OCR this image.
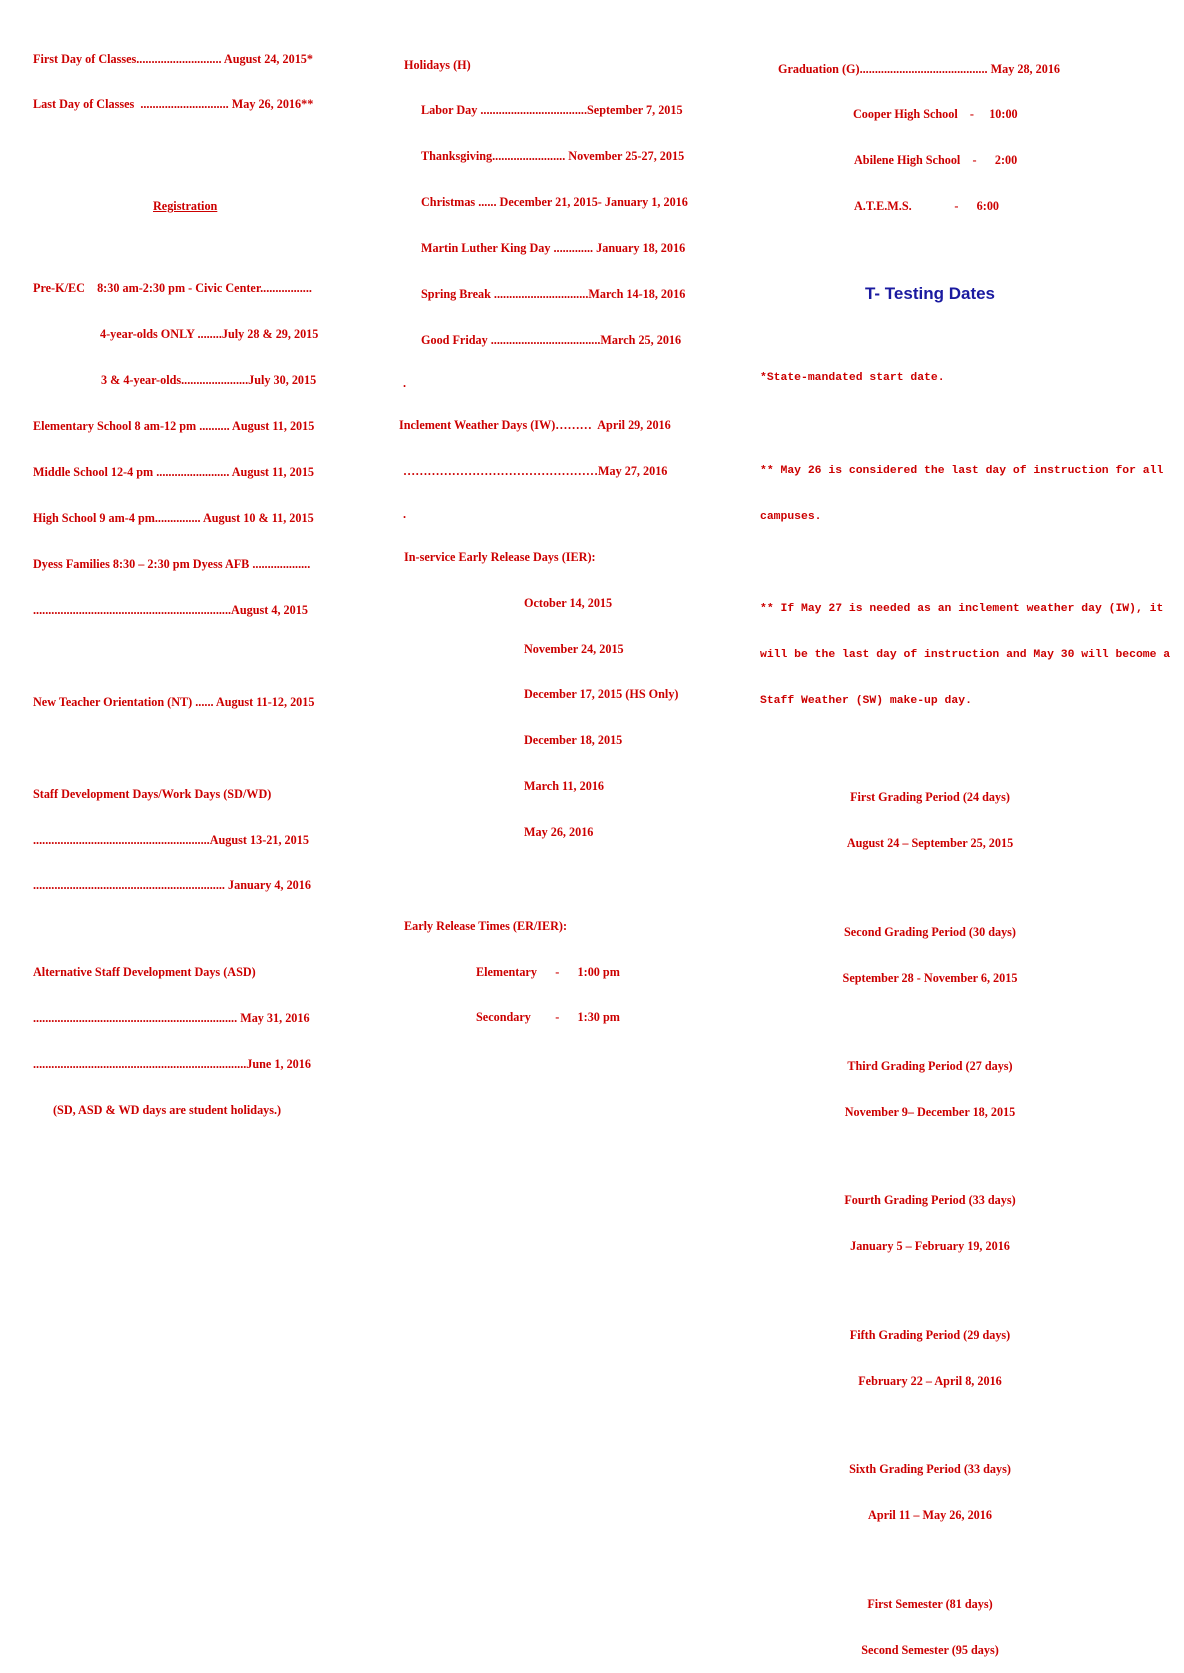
First Day of Classes............................ August 24, 2015*

Last Day of Classes  ............................. May 26, 2016**

Registration

Pre-K/EC    8:30 am-2:30 pm - Civic Center.................

4-year-olds ONLY ........July 28 & 29, 2015

3 & 4-year-olds......................July 30, 2015

Elementary School 8 am-12 pm .......... August 11, 2015

Middle School 12-4 pm ........................ August 11, 2015

High School 9 am-4 pm............... August 10 & 11, 2015

Dyess Families 8:30 – 2:30 pm Dyess AFB ...................

.................................................................August 4, 2015

New Teacher Orientation (NT) ...... August 11-12, 2015

Staff Development Days/Work Days (SD/WD)

..........................................................August 13-21, 2015

............................................................... January 4, 2016

Alternative Staff Development Days (ASD)

................................................................... May 31, 2016

......................................................................June 1, 2016

(SD, ASD & WD days are student holidays.)

Holidays (H)

Labor Day ...................................September 7, 2015

Thanksgiving........................ November 25-27, 2015

Christmas ...... December 21, 2015- January 1, 2016

Martin Luther King Day ............. January 18, 2016

Spring Break ...............................March 14-18, 2016

Good Friday ....................................March 25, 2016

.

Inclement Weather Days (IW)………  April 29, 2016

…………………………………………May 27, 2016

.

In-service Early Release Days (IER):

October 14, 2015

November 24, 2015

December 17, 2015 (HS Only)

December 18, 2015

March 11, 2016

May 26, 2016

Early Release Times (ER/IER):

Elementary      -      1:00 pm

Secondary        -      1:30 pm

Graduation (G).......................................... May 28, 2016

Cooper High School    -     10:00

Abilene High School    -      2:00

A.T.E.M.S.              -      6:00

T- Testing Dates

*State-mandated start date.

** May 26 is considered the last day of instruction for all

campuses.

** If May 27 is needed as an inclement weather day (IW), it

will be the last day of instruction and May 30 will become a

Staff Weather (SW) make-up day.

First Grading Period (24 days)

August 24 – September 25, 2015

Second Grading Period (30 days)

September 28 - November 6, 2015

Third Grading Period (27 days)

November 9– December 18, 2015

Fourth Grading Period (33 days)

January 5 – February 19, 2016

Fifth Grading Period (29 days)

February 22 – April 8, 2016

Sixth Grading Period (33 days)

April 11 – May 26, 2016

First Semester (81 days)

Second Semester (95 days)
